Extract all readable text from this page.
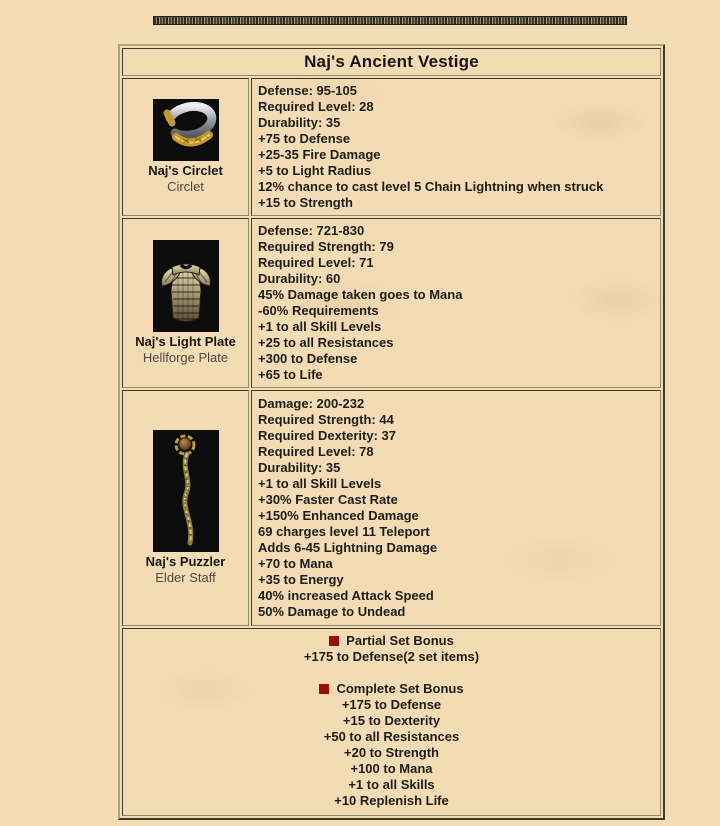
Naj's Ancient Vestige
Naj's Circlet
Circlet
Defense: 95-105
Required Level: 28
Durability: 35
+75 to Defense
+25-35 Fire Damage
+5 to Light Radius
12% chance to cast level 5 Chain Lightning when struck
+15 to Strength
Naj's Light Plate
Hellforge Plate
Defense: 721-830
Required Strength: 79
Required Level: 71
Durability: 60
45% Damage taken goes to Mana
-60% Requirements
+1 to all Skill Levels
+25 to all Resistances
+300 to Defense
+65 to Life
Naj's Puzzler
Elder Staff
Damage: 200-232
Required Strength: 44
Required Dexterity: 37
Required Level: 78
Durability: 35
+1 to all Skill Levels
+30% Faster Cast Rate
+150% Enhanced Damage
69 charges level 11 Teleport
Adds 6-45 Lightning Damage
+70 to Mana
+35 to Energy
40% increased Attack Speed
50% Damage to Undead
Partial Set Bonus
+175 to Defense(2 set items)
Complete Set Bonus
+175 to Defense
+15 to Dexterity
+50 to all Resistances
+20 to Strength
+100 to Mana
+1 to all Skills
+10 Replenish Life
